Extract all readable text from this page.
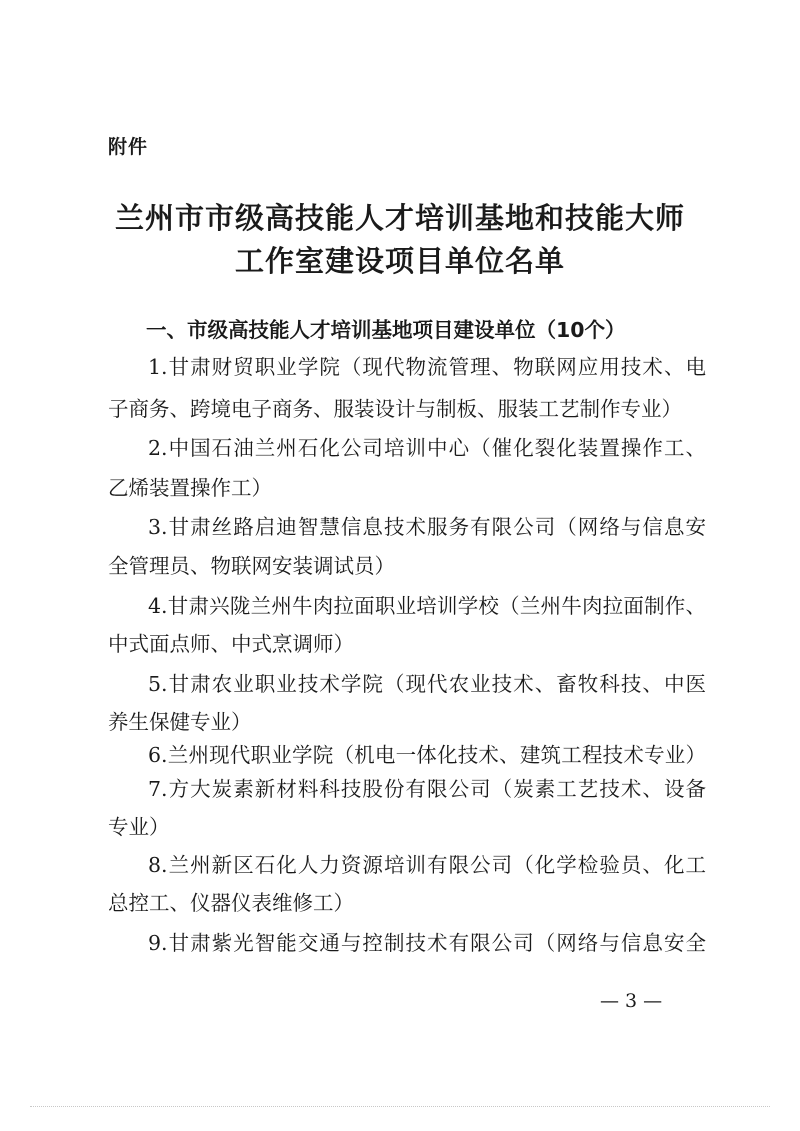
附件
兰州市市级高技能人才培训基地和技能大师
工作室建设项目单位名单
一、市级高技能人才培训基地项目建设单位（10个）
1.甘肃财贸职业学院（现代物流管理、物联网应用技术、电
子商务、跨境电子商务、服装设计与制板、服装工艺制作专业）
2.中国石油兰州石化公司培训中心（催化裂化装置操作工、
乙烯装置操作工）
3.甘肃丝路启迪智慧信息技术服务有限公司（网络与信息安
全管理员、物联网安装调试员）
4.甘肃兴陇兰州牛肉拉面职业培训学校（兰州牛肉拉面制作、
中式面点师、中式烹调师）
5.甘肃农业职业技术学院（现代农业技术、畜牧科技、中医
养生保健专业）
6.兰州现代职业学院（机电一体化技术、建筑工程技术专业）
7.方大炭素新材料科技股份有限公司（炭素工艺技术、设备
专业）
8.兰州新区石化人力资源培训有限公司（化学检验员、化工
总控工、仪器仪表维修工）
9.甘肃紫光智能交通与控制技术有限公司（网络与信息安全
— 3 —
